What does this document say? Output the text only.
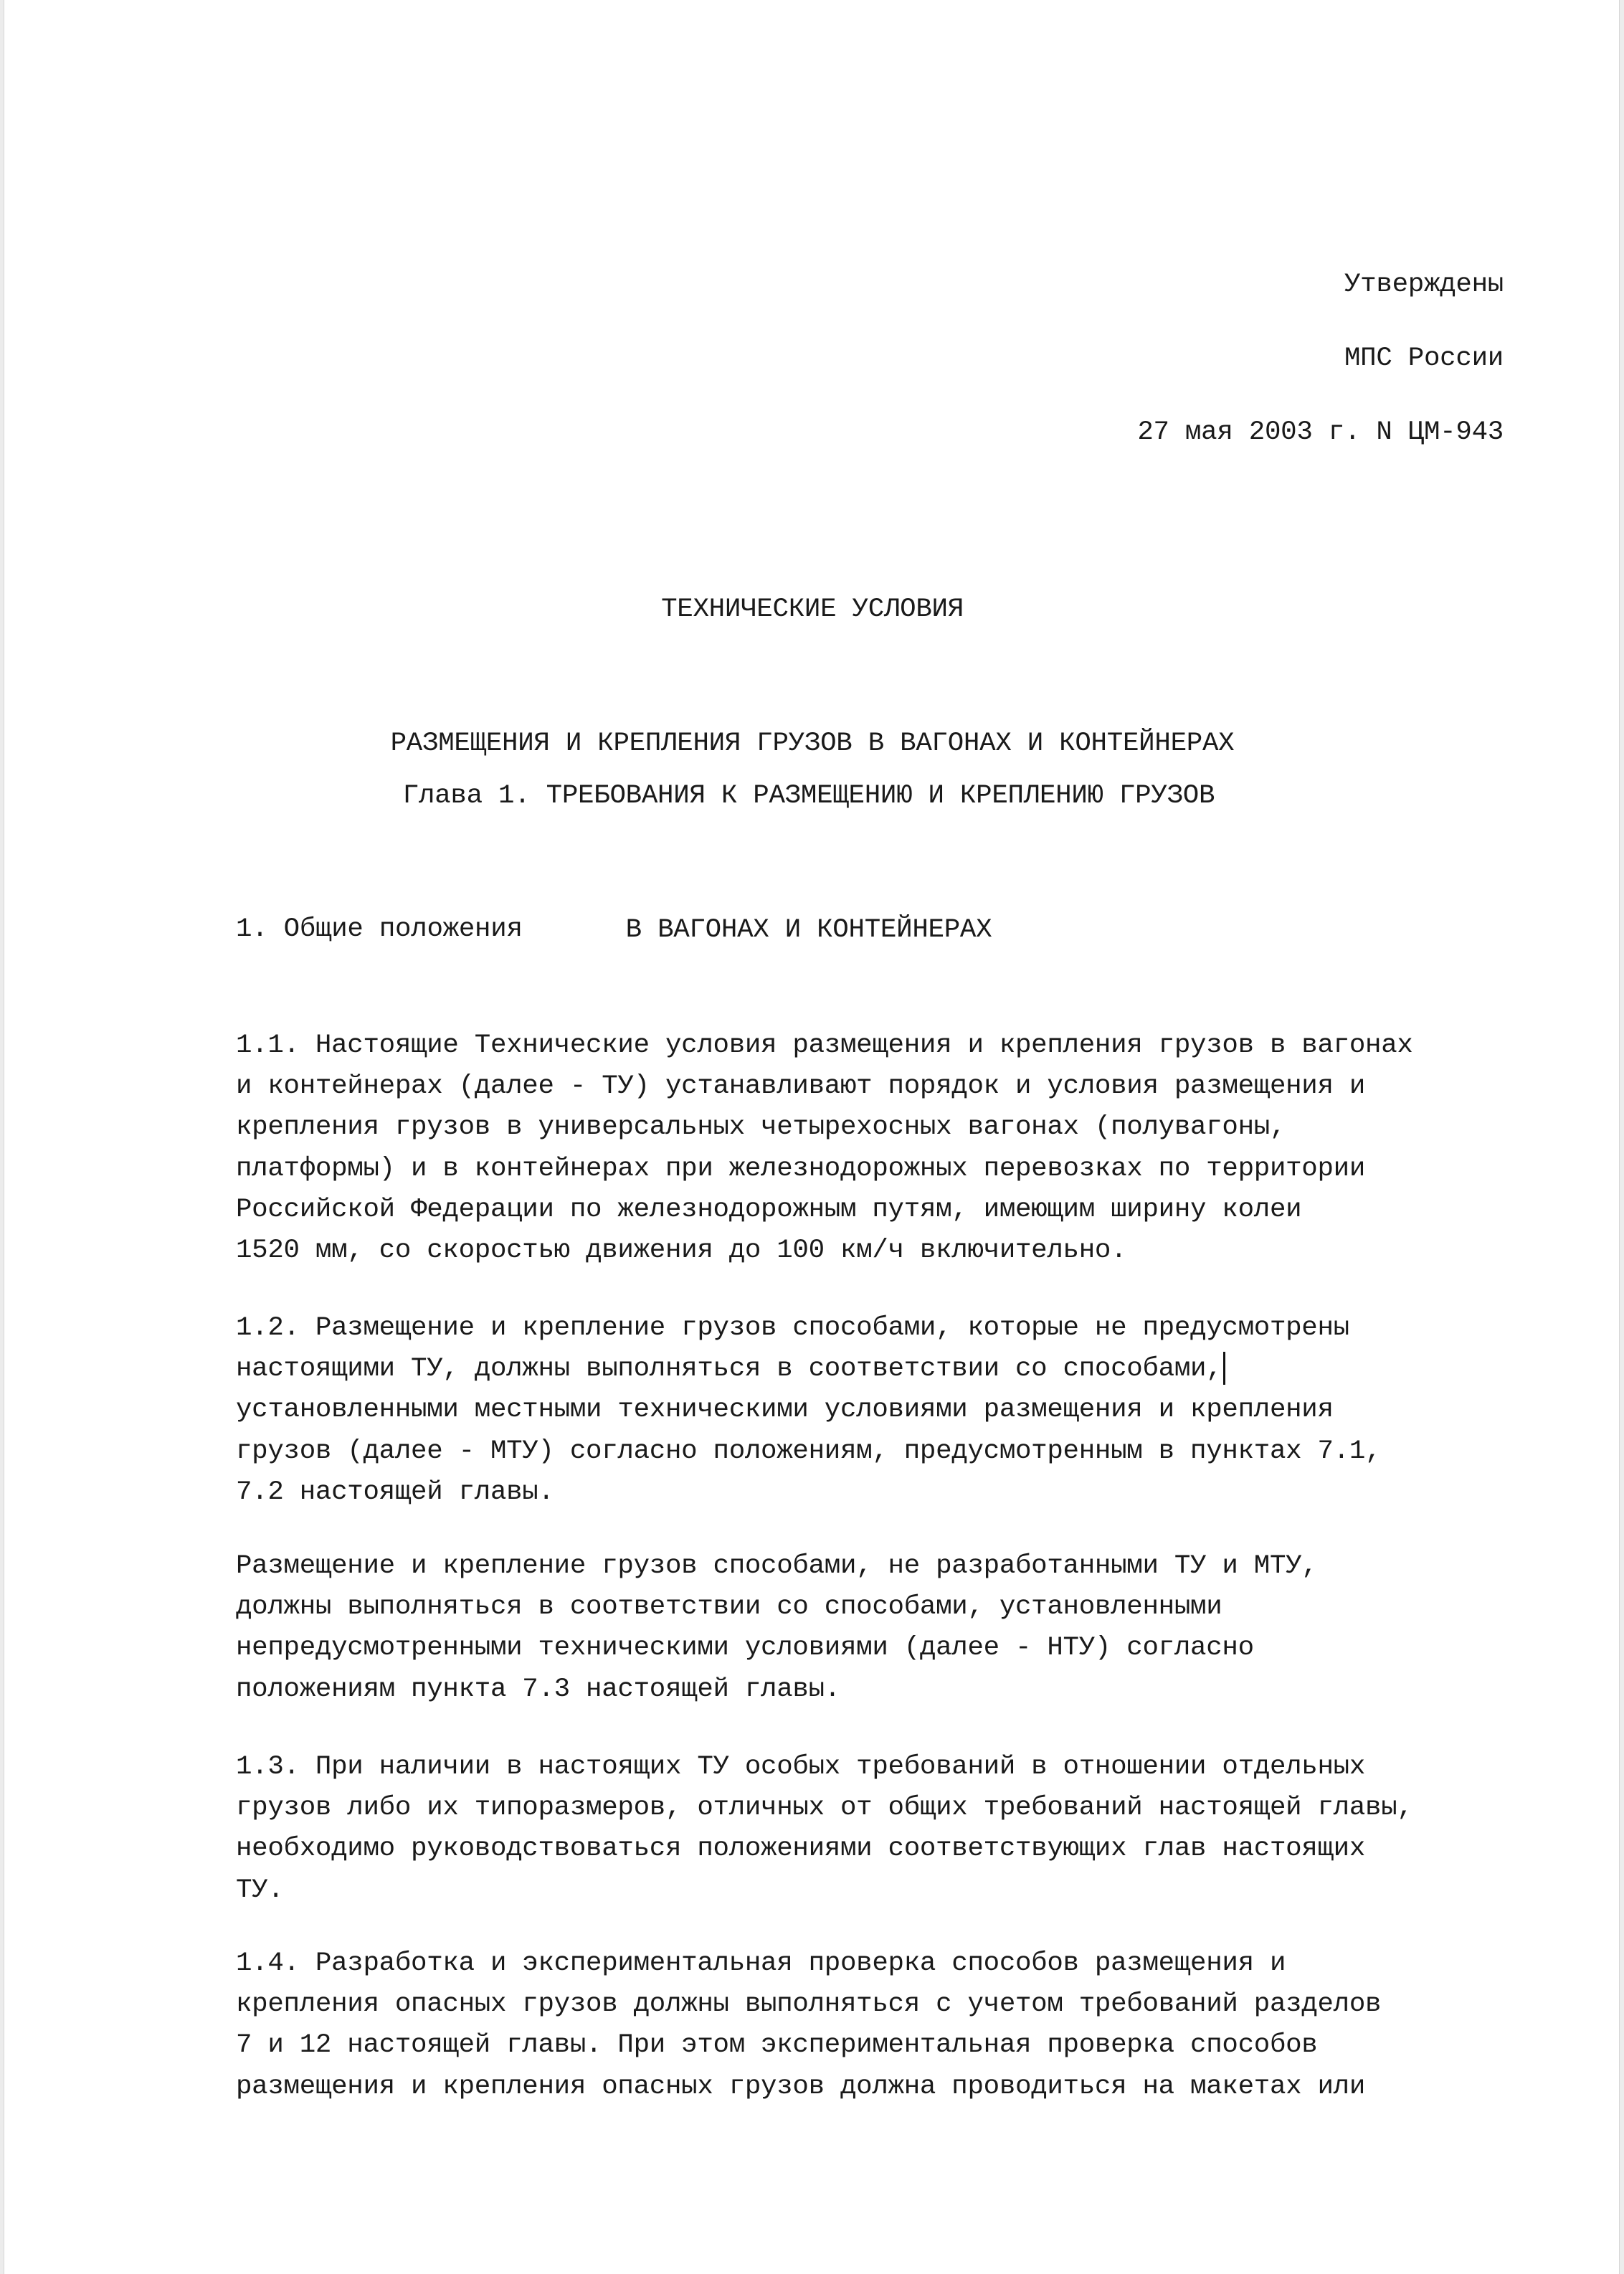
Утверждены
МПС России
27 мая 2003 г. N ЦМ-943

ТЕХНИЧЕСКИЕ УСЛОВИЯ

РАЗМЕЩЕНИЯ И КРЕПЛЕНИЯ ГРУЗОВ В ВАГОНАХ И КОНТЕЙНЕРАХ

Глава 1. ТРЕБОВАНИЯ К РАЗМЕЩЕНИЮ И КРЕПЛЕНИЮ ГРУЗОВ

В ВАГОНАХ И КОНТЕЙНЕРАХ

1. Общие положения
1.1. Настоящие Технические условия размещения и крепления грузов в вагонах
и контейнерах (далее - ТУ) устанавливают порядок и условия размещения и
крепления грузов в универсальных четырехосных вагонах (полувагоны,
платформы) и в контейнерах при железнодорожных перевозках по территории
Российской Федерации по железнодорожным путям, имеющим ширину колеи
1520 мм, со скоростью движения до 100 км/ч включительно.
1.2. Размещение и крепление грузов способами, которые не предусмотрены
настоящими ТУ, должны выполняться в соответствии со способами,
установленными местными техническими условиями размещения и крепления
грузов (далее - МТУ) согласно положениям, предусмотренным в пунктах 7.1,
7.2 настоящей главы.
Размещение и крепление грузов способами, не разработанными ТУ и МТУ,
должны выполняться в соответствии со способами, установленными
непредусмотренными техническими условиями (далее - НТУ) согласно
положениям пункта 7.3 настоящей главы.
1.3. При наличии в настоящих ТУ особых требований в отношении отдельных
грузов либо их типоразмеров, отличных от общих требований настоящей главы,
необходимо руководствоваться положениями соответствующих глав настоящих
ТУ.
1.4. Разработка и экспериментальная проверка способов размещения и
крепления опасных грузов должны выполняться с учетом требований разделов
7 и 12 настоящей главы. При этом экспериментальная проверка способов
размещения и крепления опасных грузов должна проводиться на макетах или
